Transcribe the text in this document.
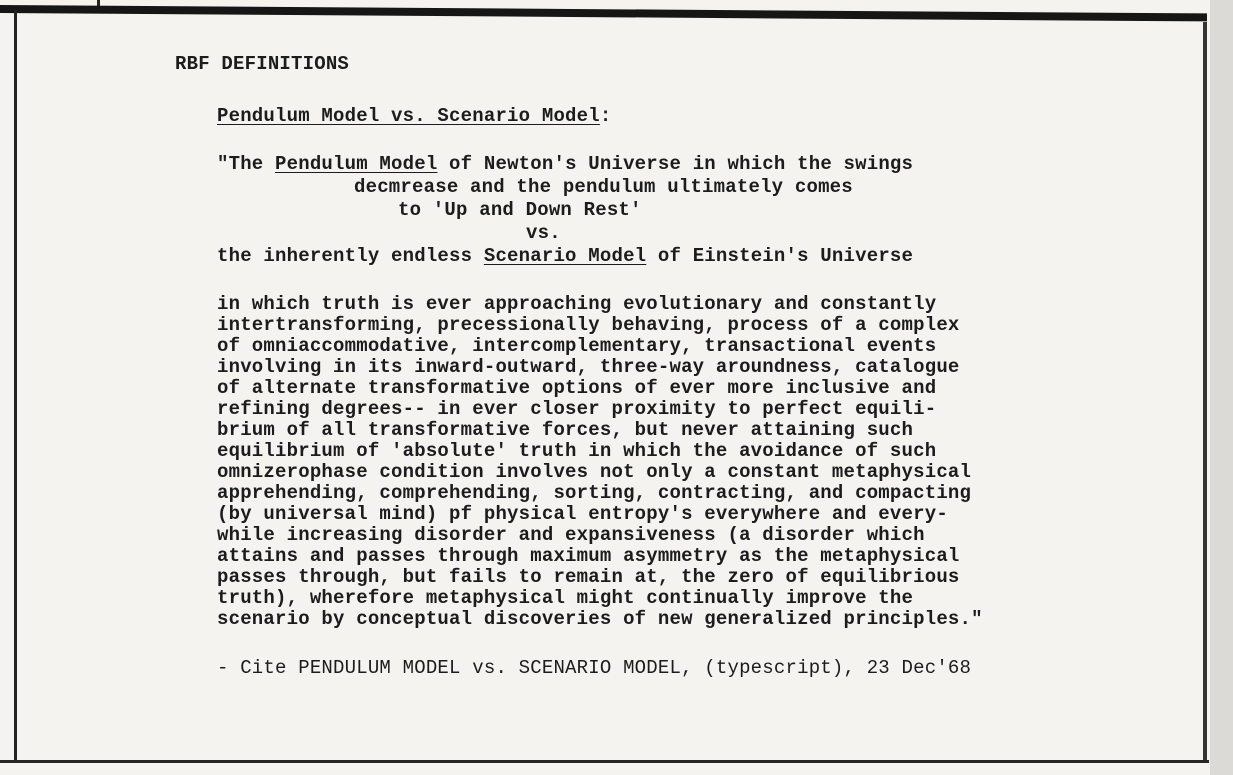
RBF DEFINITIONS
Pendulum Model vs. Scenario Model:
"The Pendulum Model of Newton's Universe in which the swings
decmrease and the pendulum ultimately comes
to 'Up and Down Rest'
vs.
the inherently endless Scenario Model of Einstein's Universe
in which truth is ever approaching evolutionary and constantly
intertransforming, precessionally behaving, process of a complex
of omniaccommodative, intercomplementary, transactional events
involving in its inward-outward, three-way aroundness, catalogue
of alternate transformative options of ever more inclusive and
refining degrees-- in ever closer proximity to perfect equili-
brium of all transformative forces, but never attaining such
equilibrium of 'absolute' truth in which the avoidance of such
omnizerophase condition involves not only a constant metaphysical
apprehending, comprehending, sorting, contracting, and compacting
(by universal mind) pf physical entropy's everywhere and every-
while increasing disorder and expansiveness (a disorder which
attains and passes through maximum asymmetry as the metaphysical
passes through, but fails to remain at, the zero of equilibrious
truth), wherefore metaphysical might continually improve the
scenario by conceptual discoveries of new generalized principles."
- Cite PENDULUM MODEL vs. SCENARIO MODEL, (typescript), 23 Dec'68
